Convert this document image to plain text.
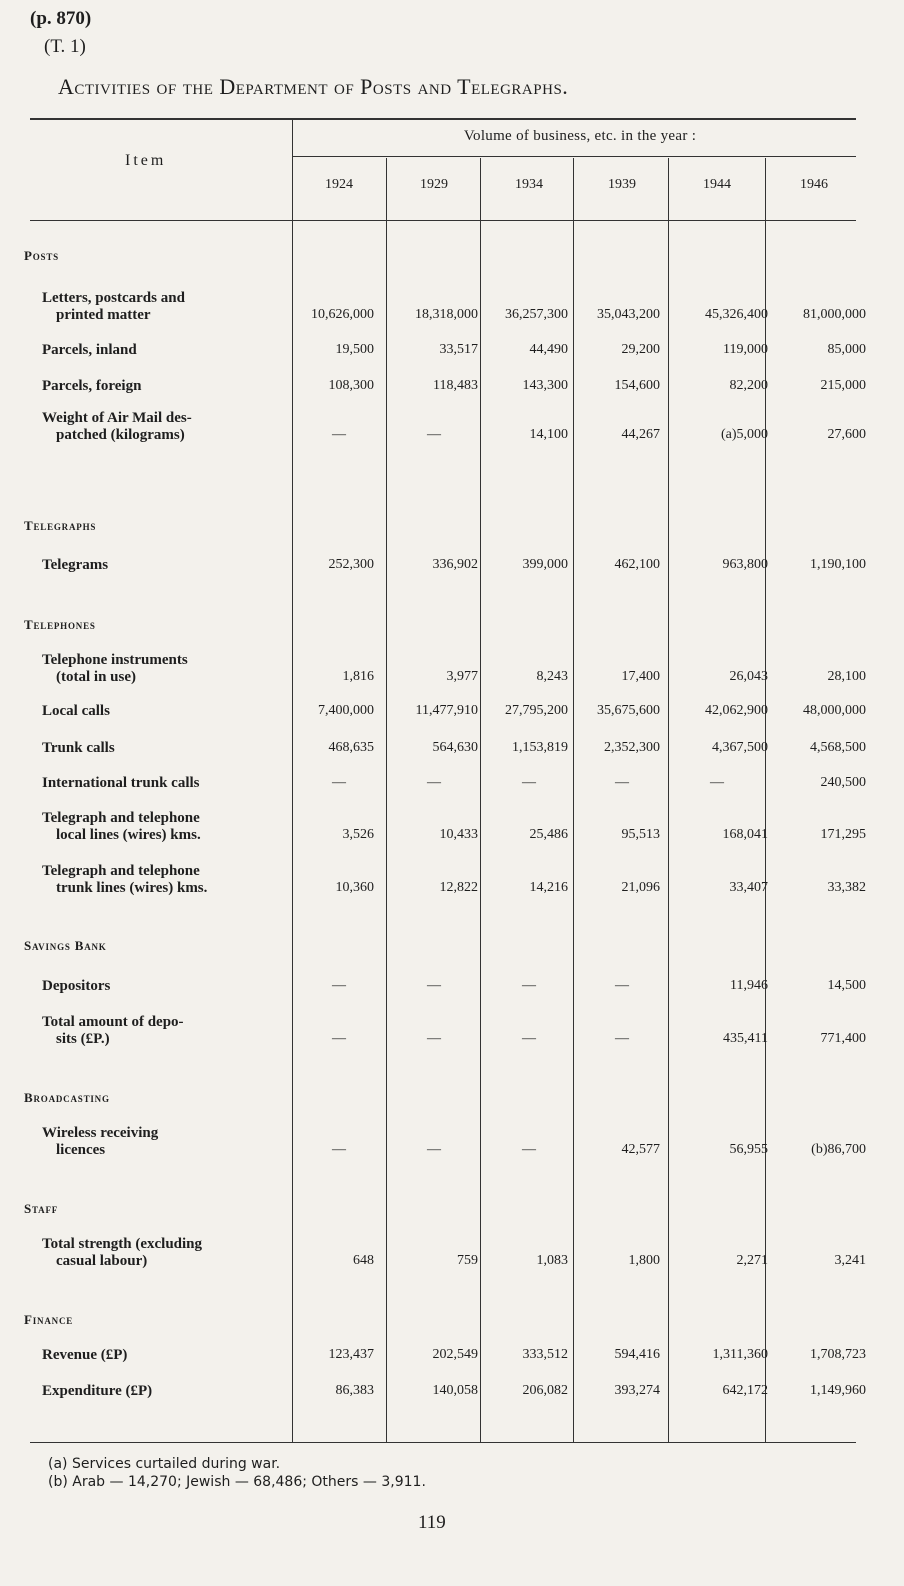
(p. 870)
(T. 1)
Activities of the Department of Posts and Telegraphs.
Item
Volume of business, etc. in the year :
1924	1929	1934	1939	1944	1946
Posts
Letters, postcards and
printed matter	10,626,000	18,318,000	36,257,300	35,043,200	45,326,400	81,000,000
Parcels, inland	19,500	33,517	44,490	29,200	119,000	85,000
Parcels, foreign	108,300	118,483	143,300	154,600	82,200	215,000
Weight of Air Mail des-
patched (kilograms)	—	—	14,100	44,267	(a)5,000	27,600
Telegraphs
Telegrams	252,300	336,902	399,000	462,100	963,800	1,190,100
Telephones
Telephone instruments
(total in use)	1,816	3,977	8,243	17,400	26,043	28,100
Local calls	7,400,000	11,477,910	27,795,200	35,675,600	42,062,900	48,000,000
Trunk calls	468,635	564,630	1,153,819	2,352,300	4,367,500	4,568,500
International trunk calls	—	—	—	—	—	240,500
Telegraph and telephone
local lines (wires) kms.	3,526	10,433	25,486	95,513	168,041	171,295
Telegraph and telephone
trunk lines (wires) kms.	10,360	12,822	14,216	21,096	33,407	33,382
Savings Bank
Depositors	—	—	—	—	11,946	14,500
Total amount of depo-
sits (£P.)	—	—	—	—	435,411	771,400
Broadcasting
Wireless receiving
licences	—	—	—	42,577	56,955	(b)86,700
Staff
Total strength (excluding
casual labour)	648	759	1,083	1,800	2,271	3,241
Finance
Revenue (£P)	123,437	202,549	333,512	594,416	1,311,360	1,708,723
Expenditure (£P)	86,383	140,058	206,082	393,274	642,172	1,149,960
(a) Services curtailed during war.
(b) Arab — 14,270; Jewish — 68,486; Others — 3,911.
119
